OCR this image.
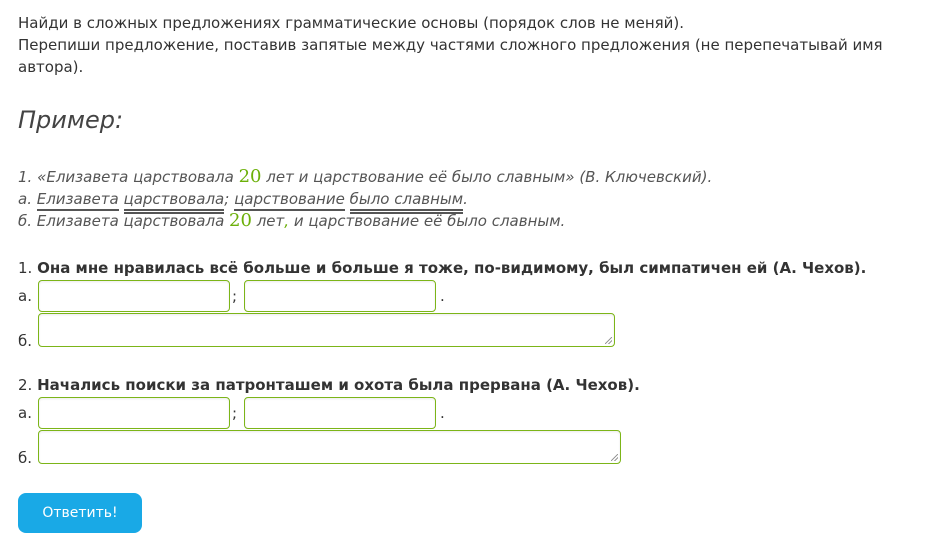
Найди в сложных предложениях грамматические основы (порядок слов не меняй).
Перепиши предложение, поставив запятые между частями сложного предложения (не перепечатывай имя
автора).
Пример:
1. «Елизавета царствовала 20 лет и царствование её было славным» (В. Ключевский).
а. Елизавета царствовала; царствование было славным.
б. Елизавета царствовала 20 лет, и царствование её было славным.
1. Она мне нравилась всё больше и больше я тоже, по-видимому, был симпатичен ей (А. Чехов).
а.	;	.
б.
2. Начались поиски за патронташем и охота была прервана (А. Чехов).
а.	;	.
б.
Ответить!
